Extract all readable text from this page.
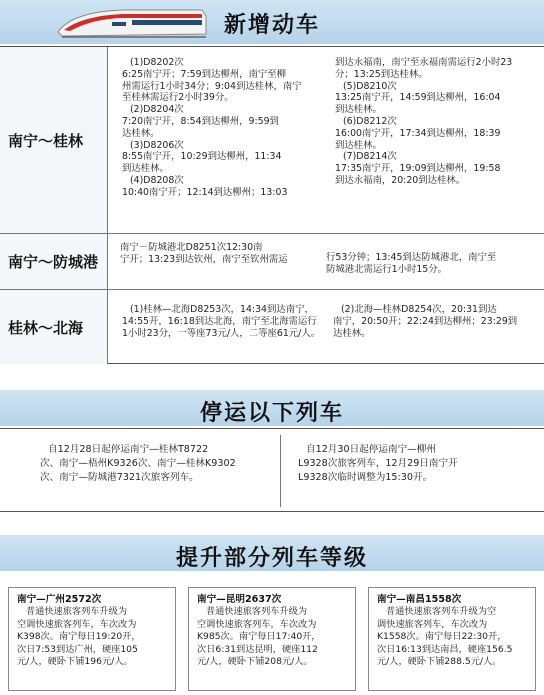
新增动车
南宁～桂林
(1)D8202次
6:25南宁开；7:59到达柳州，南宁至柳
州需运行1小时34分；9:04到达桂林，南宁
至桂林需运行2小时39分。
(2)D8204次
7:20南宁开，8:54到达柳州，9:59到
达桂林。
(3)D8206次
8:55南宁开，10:29到达柳州，11:34
到达桂林。
(4)D8208次
10:40南宁开；12:14到达柳州；13:03
到达永福南，南宁至永福南需运行2小时23
分；13:25到达桂林。
(5)D8210次
13:25南宁开，14:59到达柳州，16:04
到达桂林。
(6)D8212次
16:00南宁开，17:34到达柳州，18:39
到达桂林。
(7)D8214次
17:35南宁开，19:09到达柳州，19:58
到达永福南，20:20到达桂林。
南宁～防城港
南宁－防城港北D8251次12:30南
宁开；13:23到达钦州，南宁至钦州需运	行53分钟；13:45到达防城港北，南宁至
防城港北需运行1小时15分。
桂林～北海
(1)桂林—北海D8253次，14:34到达南宁，
14:55开，16:18到达北海，南宁至北海需运行
1小时23分，一等座73元/人，二等座61元/人。
(2)北海—桂林D8254次，20:31到达
南宁，20:50开；22:24到达柳州；23:29到
达桂林。
停运以下列车
自12月28日起停运南宁—桂林T8722
次、南宁—梧州K9326次、南宁—桂林K9302
次、南宁—防城港7321次旅客列车。
自12月30日起停运南宁—柳州
L9328次旅客列车，12月29日南宁开
L9328次临时调整为15:30开。
提升部分列车等级
南宁—广州2572次
普通快速旅客列车升级为
空调快速旅客列车，车次改为
K398次。南宁每日19:20开，
次日7:53到达广州，硬座105
元/人，硬卧下铺196元/人。
南宁—昆明2637次
普通快速旅客列车升级为
空调快速旅客列车，车次改为
K985次。南宁每日17:40开，
次日6:31到达昆明，硬座112
元/人，硬卧下铺208元/人。
南宁—南昌1558次
普通快速旅客列车升级为空
调快速旅客列车，车次改为
K1558次。南宁每日22:30开，
次日16:13到达南昌，硬座156.5
元/人，硬卧下铺288.5元/人。
